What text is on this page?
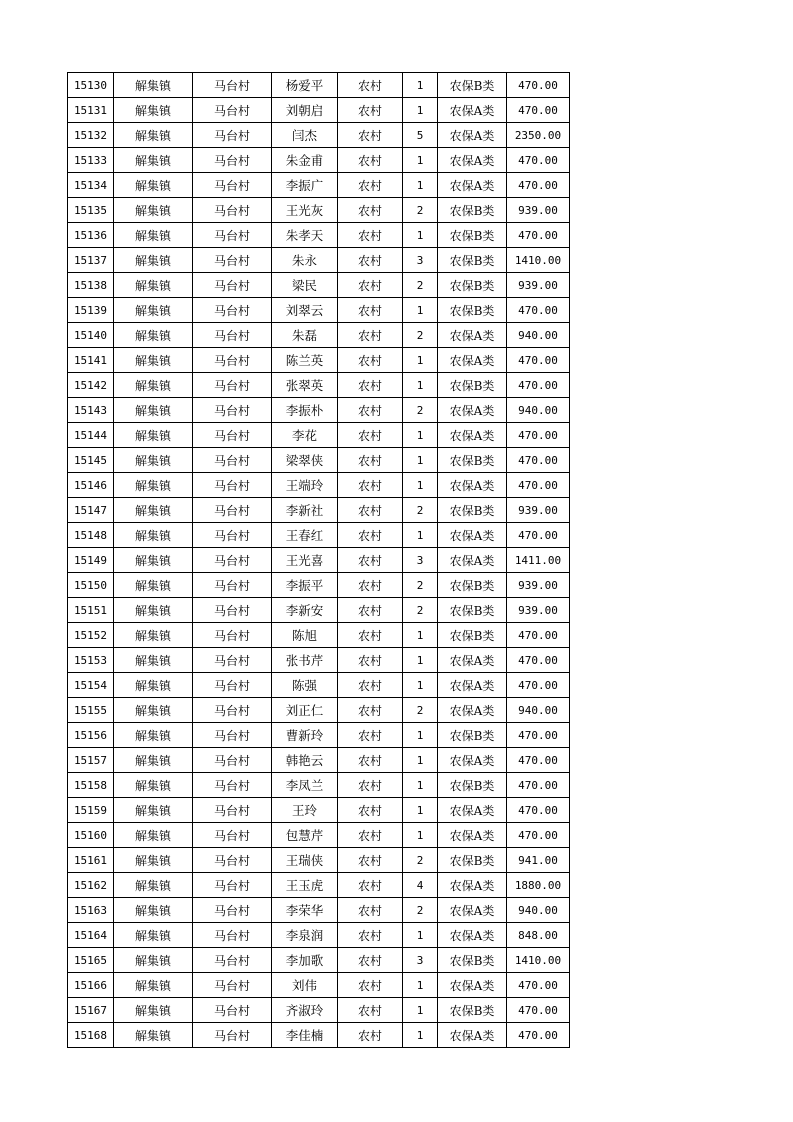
15130	解集镇	马台村	杨爱平	农村	1	农保B类	470.00
15131	解集镇	马台村	刘朝启	农村	1	农保A类	470.00
15132	解集镇	马台村	闫杰	农村	5	农保A类	2350.00
15133	解集镇	马台村	朱金甫	农村	1	农保A类	470.00
15134	解集镇	马台村	李振广	农村	1	农保A类	470.00
15135	解集镇	马台村	王光灰	农村	2	农保B类	939.00
15136	解集镇	马台村	朱孝天	农村	1	农保B类	470.00
15137	解集镇	马台村	朱永	农村	3	农保B类	1410.00
15138	解集镇	马台村	梁民	农村	2	农保B类	939.00
15139	解集镇	马台村	刘翠云	农村	1	农保B类	470.00
15140	解集镇	马台村	朱磊	农村	2	农保A类	940.00
15141	解集镇	马台村	陈兰英	农村	1	农保A类	470.00
15142	解集镇	马台村	张翠英	农村	1	农保B类	470.00
15143	解集镇	马台村	李振朴	农村	2	农保A类	940.00
15144	解集镇	马台村	李花	农村	1	农保A类	470.00
15145	解集镇	马台村	梁翠侠	农村	1	农保B类	470.00
15146	解集镇	马台村	王端玲	农村	1	农保A类	470.00
15147	解集镇	马台村	李新社	农村	2	农保B类	939.00
15148	解集镇	马台村	王春红	农村	1	农保A类	470.00
15149	解集镇	马台村	王光喜	农村	3	农保A类	1411.00
15150	解集镇	马台村	李振平	农村	2	农保B类	939.00
15151	解集镇	马台村	李新安	农村	2	农保B类	939.00
15152	解集镇	马台村	陈旭	农村	1	农保B类	470.00
15153	解集镇	马台村	张书芹	农村	1	农保A类	470.00
15154	解集镇	马台村	陈强	农村	1	农保A类	470.00
15155	解集镇	马台村	刘正仁	农村	2	农保A类	940.00
15156	解集镇	马台村	曹新玲	农村	1	农保B类	470.00
15157	解集镇	马台村	韩艳云	农村	1	农保A类	470.00
15158	解集镇	马台村	李凤兰	农村	1	农保B类	470.00
15159	解集镇	马台村	王玲	农村	1	农保A类	470.00
15160	解集镇	马台村	包慧芹	农村	1	农保A类	470.00
15161	解集镇	马台村	王瑞侠	农村	2	农保B类	941.00
15162	解集镇	马台村	王玉虎	农村	4	农保A类	1880.00
15163	解集镇	马台村	李荣华	农村	2	农保A类	940.00
15164	解集镇	马台村	李泉润	农村	1	农保A类	848.00
15165	解集镇	马台村	李加歌	农村	3	农保B类	1410.00
15166	解集镇	马台村	刘伟	农村	1	农保A类	470.00
15167	解集镇	马台村	齐淑玲	农村	1	农保B类	470.00
15168	解集镇	马台村	李佳楠	农村	1	农保A类	470.00
